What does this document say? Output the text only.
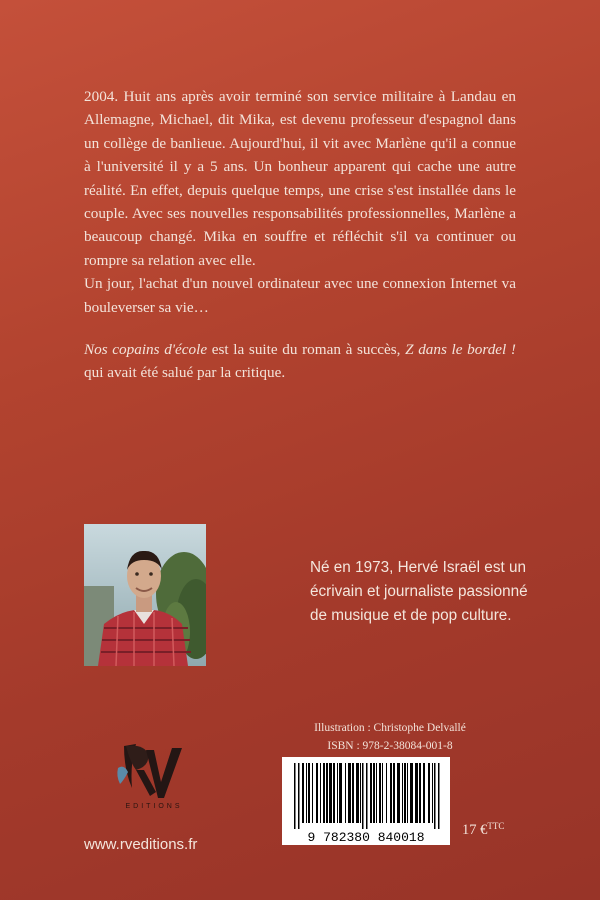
2004. Huit ans après avoir terminé son service militaire à Landau en Allemagne, Michael, dit Mika, est devenu professeur d'espagnol dans un collège de banlieue. Aujourd'hui, il vit avec Marlène qu'il a connue à l'université il y a 5 ans. Un bonheur apparent qui cache une autre réalité. En effet, depuis quelque temps, une crise s'est installée dans le couple. Avec ses nouvelles responsabilités professionnelles, Marlène a beaucoup changé. Mika en souffre et réfléchit s'il va continuer ou rompre sa relation avec elle.

Un jour, l'achat d'un nouvel ordinateur avec une connexion Internet va bouleverser sa vie…

Nos copains d'école est la suite du roman à succès, Z dans le bordel ! qui avait été salué par la critique.

Né en 1973, Hervé Israël est un écrivain et journaliste passionné de musique et de pop culture.

Illustration : Christophe Delvallé

ISBN : 978-2-38084-001-8

9 782380 840018	17 €$^{TTC}$

EDITIONS

www.rveditions.fr
